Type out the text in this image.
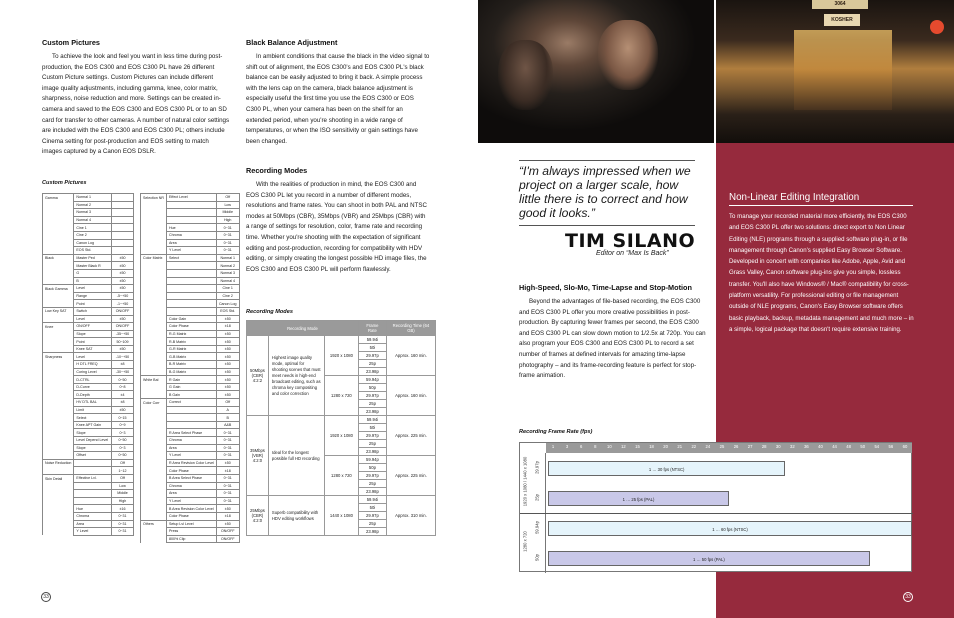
Custom Pictures
To achieve the look and feel you want in less time during post-production, the EOS C300 and EOS C300 PL have 26 different Custom Picture settings. Custom Pictures can include different image quality adjustments, including gamma, knee, color matrix, sharpness, noise reduction and more. Settings can be created in-camera and saved to the EOS C300 and EOS C300 PL or to an SD card for transfer to other cameras. A number of natural color settings are included with the EOS C300 and EOS C300 PL; others include Cinema setting for post-production and EOS setting to match images captured by a Canon EOS DSLR.
Custom Pictures
Gamma	Normal 1	
	Normal 2	
	Normal 3	
	Normal 4	
	Cine 1	
	Cine 2	
	Canon Log	
	EOS Std.	
Black	Master Ped	±50
	Master Black R	±50
	G	±50
	B	±50
Black Gamma	Level	±50
	Range	-5~+50
	Point	-1~+50
Low Key SAT	Switch	ON/OFF
	Level	±50
Knee	ON/OFF	ON/OFF
	Slope	-35~+50
	Point	50~109
	Knee SAT	±50
Sharpness	Level	-10~+50
	H DTL FREQ	±8
	Coring Level	-30~+50
	D-CTRL	0~50
	D-Curve	0~8
	D-Depth	±4
	HV DTL BAL	±8
	Limit	±50
	Select	0~15
	Knee APT Gain	0~9
	Slope	0~3
	Level Depend Level	0~50
	Slope	0~3
	Offset	0~50
Noise Reduction		Off
		1~12
Skin Detail	Effective Lvl.	Off
		Low
		Middle
		High
	Hue	±16
	Chroma	0~31
	Area	0~31
	Y Level	0~31
Selection NR	Effect Level	Off
		Low
		Middle
		High
	Hue	0~31
	Chroma	0~31
	Area	0~31
	Y Level	0~31
Color Matrix	Select	Normal 1
		Normal 2
		Normal 3
		Normal 4
		Cine 1
		Cine 2
		Canon Log
		EOS Std.
	Color Gain	±50
	Color Phase	±18
	R-G Matrix	±50
	R-B Matrix	±50
	G-R Matrix	±50
	G-B Matrix	±50
	B-R Matrix	±50
	B-G Matrix	±50
White Bal	R Gain	±50
	G Gain	±50
	B Gain	±50
Color Corr	Correct	Off
		A
		B
		A&B
	R Area Select Phase	0~31
	Chroma	0~31
	Area	0~31
	Y Level	0~31
	R Area Revision Color Level	±50
	Color Phase	±18
	B Area Select Phase	0~31
	Chroma	0~31
	Area	0~31
	Y Level	0~31
	B Area Revision Color Level	±50
	Color Phase	±18
Others	Setup Lvl Level	±50
	Press	ON/OFF
	800% Clip	ON/OFF
Black Balance Adjustment
In ambient conditions that cause the black in the video signal to shift out of alignment, the EOS C300's and EOS C300 PL's black balance can be easily adjusted to bring it back. A simple process with the lens cap on the camera, black balance adjustment is especially useful the first time you use the EOS C300 or EOS C300 PL, when your camera has been on the shelf for an extended period, when you're shooting in a wide range of temperatures, or when the ISO sensitivity or gain settings have been changed.
Recording Modes
With the realities of production in mind, the EOS C300 and EOS C300 PL let you record in a number of different modes, resolutions and frame rates. You can shoot in both PAL and NTSC modes at 50Mbps (CBR), 35Mbps (VBR) and 25Mbps (CBR) with a range of settings for resolution, color, frame rate and recording time. Whether you're shooting with the expectation of significant editing and post-production, recording for compatibility with HDV editing, or simply creating the longest possible HD image files, the EOS C300 and EOS C300 PL will perform flawlessly.
Recording Modes
Recording Mode			Frame Rate	Recording Time (64 GB)
50Mbps (CBR) 4:2:2	Highest image quality mode, optimal for shooting scenes that must meet needs in high-end broadcast editing, such as chroma key compositing and color correction	1920 x 1080	59.94i	Approx. 160 min.
			50i	
			29.97p	
			25p	
			23.98p	
		1280 x 720	59.94p	Approx. 160 min.
			50p	
			29.97p	
			25p	
			23.98p	
35Mbps (VBR) 4:2:0	Ideal for the longest possible full HD recording	1920 x 1080	59.94i	Approx. 225 min.
			50i	
			29.97p	
			25p	
			23.98p	
		1280 x 720	59.94p	Approx. 225 min.
			50p	
			29.97p	
			25p	
			23.98p	
25Mbps (CBR) 4:2:0	Superb compatibility with HDV editing workflows	1440 x 1080	59.94i	Approx. 310 min.
			50i	
			29.97p	
			25p	
			23.98p	
33
3064
KOSHER
Non-Linear Editing Integration
To manage your recorded material more efficiently, the EOS C300 and EOS C300 PL offer two solutions: direct export to Non Linear Editing (NLE) programs through a supplied software plug-in, or file management through Canon's supplied Easy Browser Software. Developed in concert with companies like Adobe, Apple, Avid and Grass Valley, Canon software plug-ins give you simple, lossless transfer. You'll also have Windows® / Mac® compatibility for cross-platform versatility. For professional editing or file management outside of NLE programs, Canon's Easy Browser software offers basic playback, backup, metadata management and much more – in a simple, logical package that doesn't require extensive training.
33
“I'm always impressed when we project on a larger scale, how little there is to correct and how good it looks.”
TIM SILANO
Editor on “Max Is Back”
High-Speed, Slo-Mo, Time-Lapse and Stop-Motion
Beyond the advantages of file-based recording, the EOS C300 and EOS C300 PL offer you more creative possibilities in post-production. By capturing fewer frames per second, the EOS C300 and EOS C300 PL can slow down motion to 1/2.5x at 720p. You can also program your EOS C300 and EOS C300 PL to record a set number of frames at defined intervals for amazing time-lapse photography – and its frame-recording feature is perfect for stop-frame animation.
Recording Frame Rate (fps)
1	3	6	8	10	12	15	18	20	21	22	24	25	26	27	28	30	32	36	40	44	48	50	54	56	60
1920 x 1080 / 1440 x 1080 29.97p	1 … 30 fps (NTSC)
25p	1 … 25 fps (PAL)
1280 x 720
59.94p	1 … 60 fps (NTSC)
50p	1 … 50 fps (PAL)
